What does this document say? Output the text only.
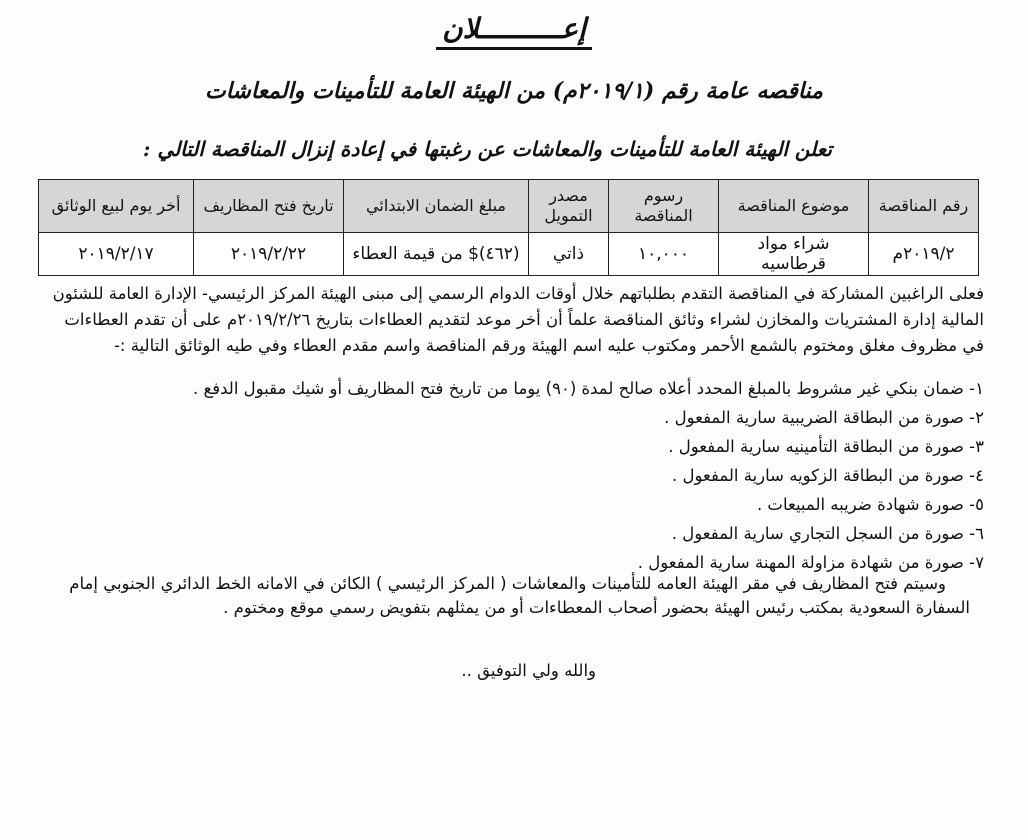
إعــــــــــلان
مناقصه عامة رقم (٢٠١٩/١م) من الهيئة العامة للتأمينات والمعاشات
تعلن الهيئة العامة للتأمينات والمعاشات عن رغبتها في إعادة إنزال المناقصة التالي :
رقم المناقصة	موضوع المناقصة	رسوم المناقصة	مصدر التمويل	مبلغ الضمان الابتدائي	تاريخ فتح المظاريف	أخر يوم لبيع الوثائق
٢٠١٩/٢م	شراء مواد قرطاسيه	١٠,٠٠٠	ذاتي	(٤٦٢)$ من قيمة العطاء	٢٠١٩/٢/٢٢	٢٠١٩/٢/١٧

فعلى الراغبين المشاركة في المناقصة التقدم بطلباتهم خلال أوقات الدوام الرسمي إلى مبنى الهيئة المركز الرئيسي- الإدارة العامة للشئون

المالية إدارة المشتريات والمخازن لشراء وثائق المناقصة علماً أن أخر موعد لتقديم العطاءات بتاريخ ٢٠١٩/٢/٢٦م على أن تقدم العطاءات

في مظروف مغلق ومختوم بالشمع الأحمر ومكتوب عليه اسم الهيئة ورقم المناقصة واسم مقدم العطاء وفي طيه الوثائق التالية :-

١- ضمان بنكي غير مشروط بالمبلغ المحدد أعلاه صالح لمدة (٩٠) يوما من تاريخ فتح المظاريف أو شيك مقبول الدفع .
٢- صورة من البطاقة الضريبية سارية المفعول .
٣- صورة من البطاقة التأمينيه سارية المفعول .
٤- صورة من البطاقة الزكويه سارية المفعول .
٥- صورة شهادة ضريبه المبيعات .
٦- صورة من السجل التجاري سارية المفعول .
٧- صورة من شهادة مزاولة المهنة سارية المفعول .

وسيتم فتح المظاريف في مقر الهيئة العامه للتأمينات والمعاشات ( المركز الرئيسي ) الكائن في الامانه الخط الدائري الجنوبي إمام

السفارة السعودية بمكتب رئيس الهيئة بحضور أصحاب المعطاءات أو من يمثلهم بتفويض رسمي موقع ومختوم .

والله ولي التوفيق ..
